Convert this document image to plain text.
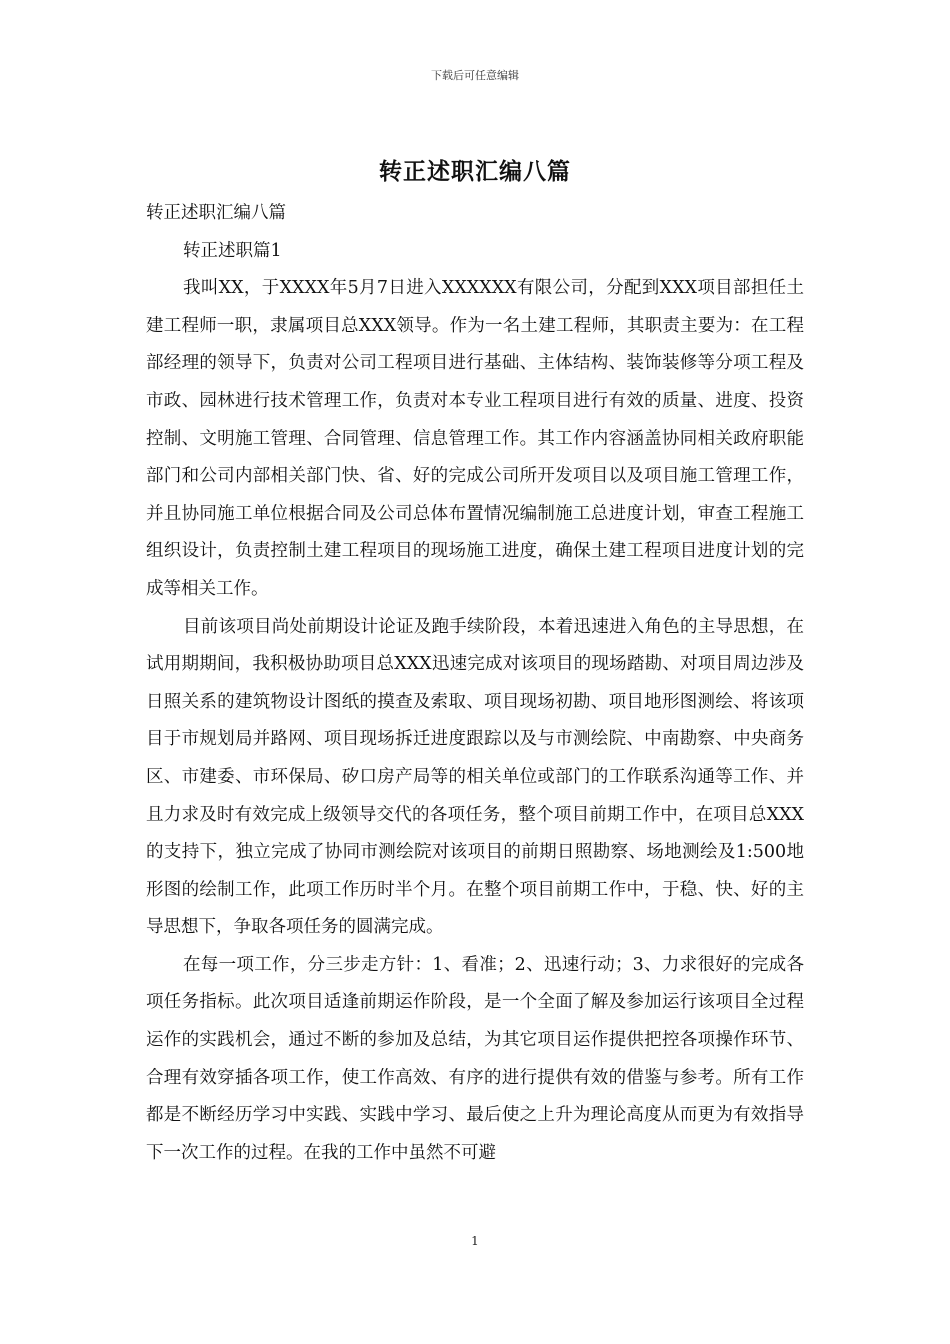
下载后可任意编辑
转正述职汇编八篇

转正述职汇编八篇

转正述职篇1

我叫XX，于XXXX年5月7日进入XXXXXX有限公司，分配到XXX项目部担任土建工程师一职，隶属项目总XXX领导。作为一名土建工程师，其职责主要为：在工程部经理的领导下，负责对公司工程项目进行基础、主体结构、装饰装修等分项工程及市政、园林进行技术管理工作，负责对本专业工程项目进行有效的质量、进度、投资控制、文明施工管理、合同管理、信息管理工作。其工作内容涵盖协同相关政府职能部门和公司内部相关部门快、省、好的完成公司所开发项目以及项目施工管理工作，并且协同施工单位根据合同及公司总体布置情况编制施工总进度计划，审查工程施工组织设计，负责控制土建工程项目的现场施工进度，确保土建工程项目进度计划的完成等相关工作。

目前该项目尚处前期设计论证及跑手续阶段，本着迅速进入角色的主导思想，在试用期期间，我积极协助项目总XXX迅速完成对该项目的现场踏勘、对项目周边涉及日照关系的建筑物设计图纸的摸查及索取、项目现场初勘、项目地形图测绘、将该项目于市规划局并路网、项目现场拆迁进度跟踪以及与市测绘院、中南勘察、中央商务区、市建委、市环保局、矽口房产局等的相关单位或部门的工作联系沟通等工作、并且力求及时有效完成上级领导交代的各项任务，整个项目前期工作中，在项目总XXX的支持下，独立完成了协同市测绘院对该项目的前期日照勘察、场地测绘及1:500地形图的绘制工作，此项工作历时半个月。在整个项目前期工作中，于稳、快、好的主导思想下，争取各项任务的圆满完成。

在每一项工作，分三步走方针：1、看准；2、迅速行动；3、力求很好的完成各项任务指标。此次项目适逢前期运作阶段，是一个全面了解及参加运行该项目全过程运作的实践机会，通过不断的参加及总结，为其它项目运作提供把控各项操作环节、合理有效穿插各项工作，使工作高效、有序的进行提供有效的借鉴与参考。所有工作都是不断经历学习中实践、实践中学习、最后使之上升为理论高度从而更为有效指导下一次工作的过程。在我的工作中虽然不可避

1
